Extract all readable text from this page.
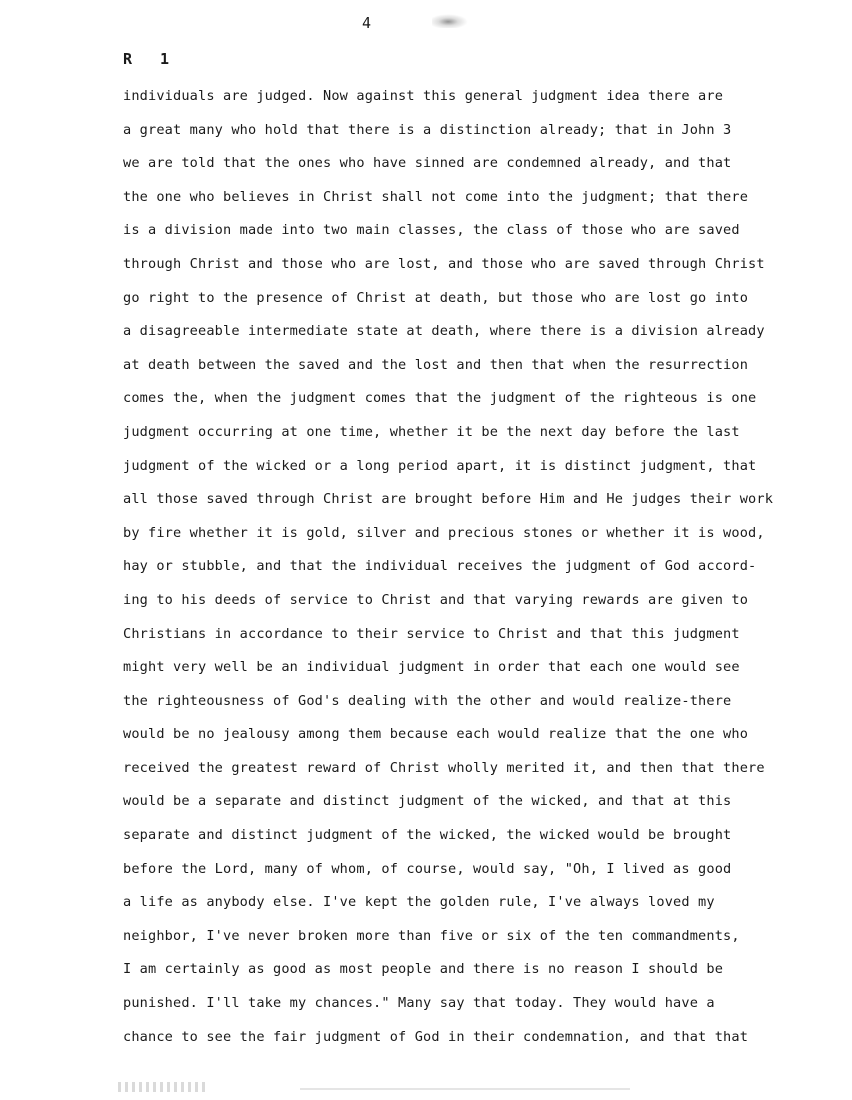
4
R 1
individuals are judged. Now against this general judgment idea there are
a great many who hold that there is a distinction already; that in John 3
we are told that the ones who have sinned are condemned already, and that
the one who believes in Christ shall not come into the judgment; that there
is a division made into two main classes, the class of those who are saved
through Christ and those who are lost, and those who are saved through Christ
go right to the presence of Christ at death, but those who are lost go into
a disagreeable intermediate state at death, where there is a division already
at death between the saved and the lost and then that when the resurrection
comes the, when the judgment comes that the judgment of the righteous is one
judgment occurring at one time, whether it be the next day before the last
judgment of the wicked or a long period apart, it is distinct judgment, that
all those saved through Christ are brought before Him and He judges their work
by fire whether it is gold, silver and precious stones or whether it is wood,
hay or stubble, and that the individual receives the judgment of God accord-
ing to his deeds of service to Christ and that varying rewards are given to
Christians in accordance to their service to Christ and that this judgment
might very well be an individual judgment in order that each one would see
the righteousness of God's dealing with the other and would realize-there
would be no jealousy among them because each would realize that the one who
received the greatest reward of Christ wholly merited it, and then that there
would be a separate and distinct judgment of the wicked, and that at this
separate and distinct judgment of the wicked, the wicked would be brought
before the Lord, many of whom, of course, would say, "Oh, I lived as good
a life as anybody else. I've kept the golden rule, I've always loved my
neighbor, I've never broken more than five or six of the ten commandments,
I am certainly as good as most people and there is no reason I should be
punished. I'll take my chances." Many say that today. They would have a
chance to see the fair judgment of God in their condemnation, and that that
